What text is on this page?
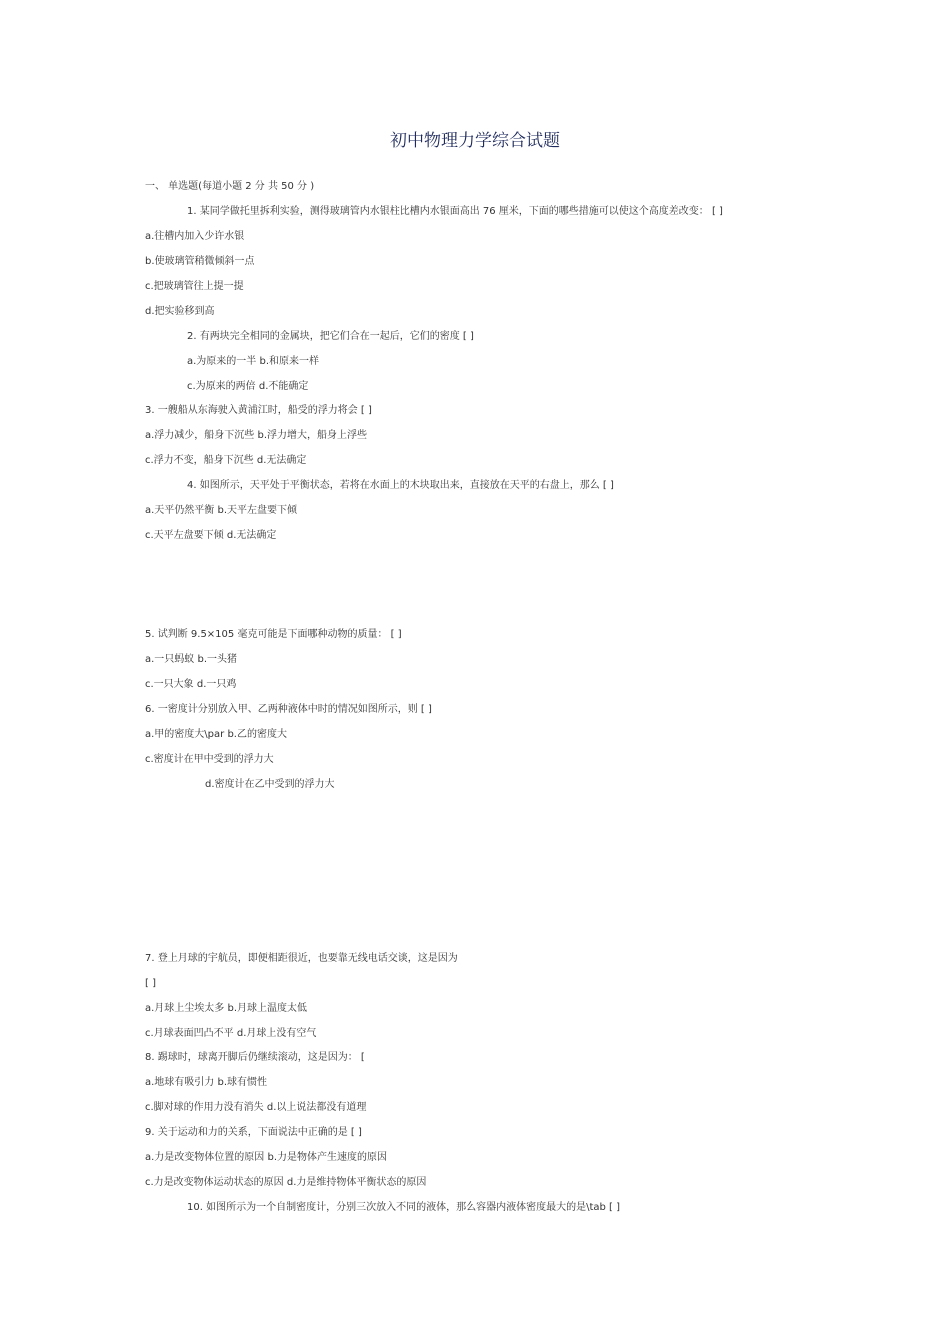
初中物理力学综合试题
一、 单选题(每道小题 2 分 共 50 分 )
1. 某同学做托里拆利实验，测得玻璃管内水银柱比槽内水银面高出 76 厘米，下面的哪些措施可以使这个高度差改变： [ ]
a.往槽内加入少许水银
b.使玻璃管稍微倾斜一点
c.把玻璃管往上提一提
d.把实验移到高
2. 有两块完全相同的金属块，把它们合在一起后，它们的密度 [ ]
a.为原来的一半 b.和原来一样
c.为原来的两倍 d.不能确定
3. 一艘船从东海驶入黄浦江时，船受的浮力将会 [ ]
a.浮力减少，船身下沉些 b.浮力增大，船身上浮些
c.浮力不变，船身下沉些 d.无法确定
4. 如图所示，天平处于平衡状态，若将在水面上的木块取出来，直接放在天平的右盘上，那么 [ ]
a.天平仍然平衡 b.天平左盘要下倾
c.天平左盘要下倾 d.无法确定
5. 试判断 9.5×105 毫克可能是下面哪种动物的质量： [ ]
a.一只蚂蚁 b.一头猪
c.一只大象 d.一只鸡
6. 一密度计分别放入甲、乙两种液体中时的情况如图所示，则 [ ]
a.甲的密度大\par b.乙的密度大
c.密度计在甲中受到的浮力大
d.密度计在乙中受到的浮力大
7. 登上月球的宇航员，即便相距很近，也要靠无线电话交谈，这是因为
[ ]
a.月球上尘埃太多 b.月球上温度太低
c.月球表面凹凸不平 d.月球上没有空气
8. 踢球时，球离开脚后仍继续滚动，这是因为： [
a.地球有吸引力 b.球有惯性
c.脚对球的作用力没有消失 d.以上说法都没有道理
9. 关于运动和力的关系，下面说法中正确的是 [ ]
a.力是改变物体位置的原因 b.力是物体产生速度的原因
c.力是改变物体运动状态的原因 d.力是维持物体平衡状态的原因
10. 如图所示为一个自制密度计，分别三次放入不同的液体，那么容器内液体密度最大的是\tab [ ]
